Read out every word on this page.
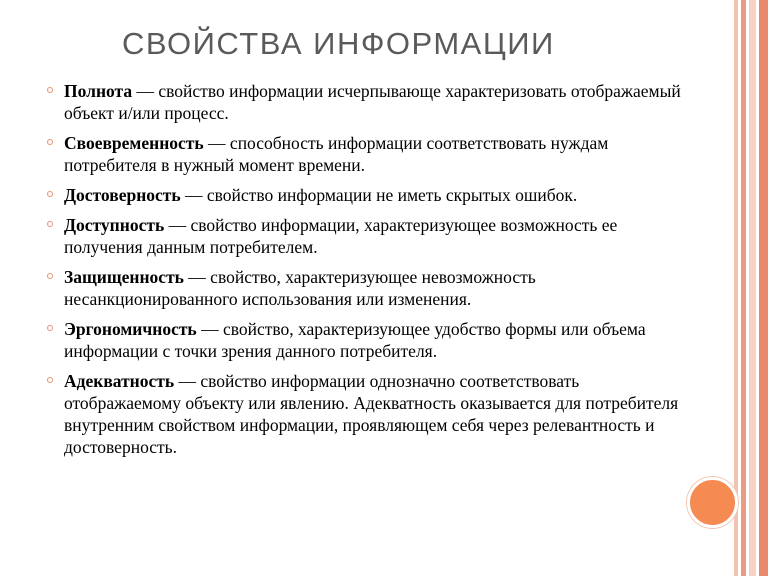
СВОЙСТВА ИНФОРМАЦИИ
Полнота — свойство информации исчерпывающе характеризовать отображаемый объект и/или процесс.
Своевременность — способность информации соответствовать нуждам потребителя в нужный момент времени.
Достоверность — свойство информации не иметь скрытых ошибок.
Доступность — свойство информации, характеризующее возможность ее получения данным потребителем.
Защищенность — свойство, характеризующее невозможность несанкционированного использования или изменения.
Эргономичность — свойство, характеризующее удобство формы или объема информации с точки зрения данного потребителя.
Адекватность — свойство информации однозначно соответствовать отображаемому объекту или явлению. Адекватность оказывается для потребителя внутренним свойством информации, проявляющем себя через релевантность и достоверность.
